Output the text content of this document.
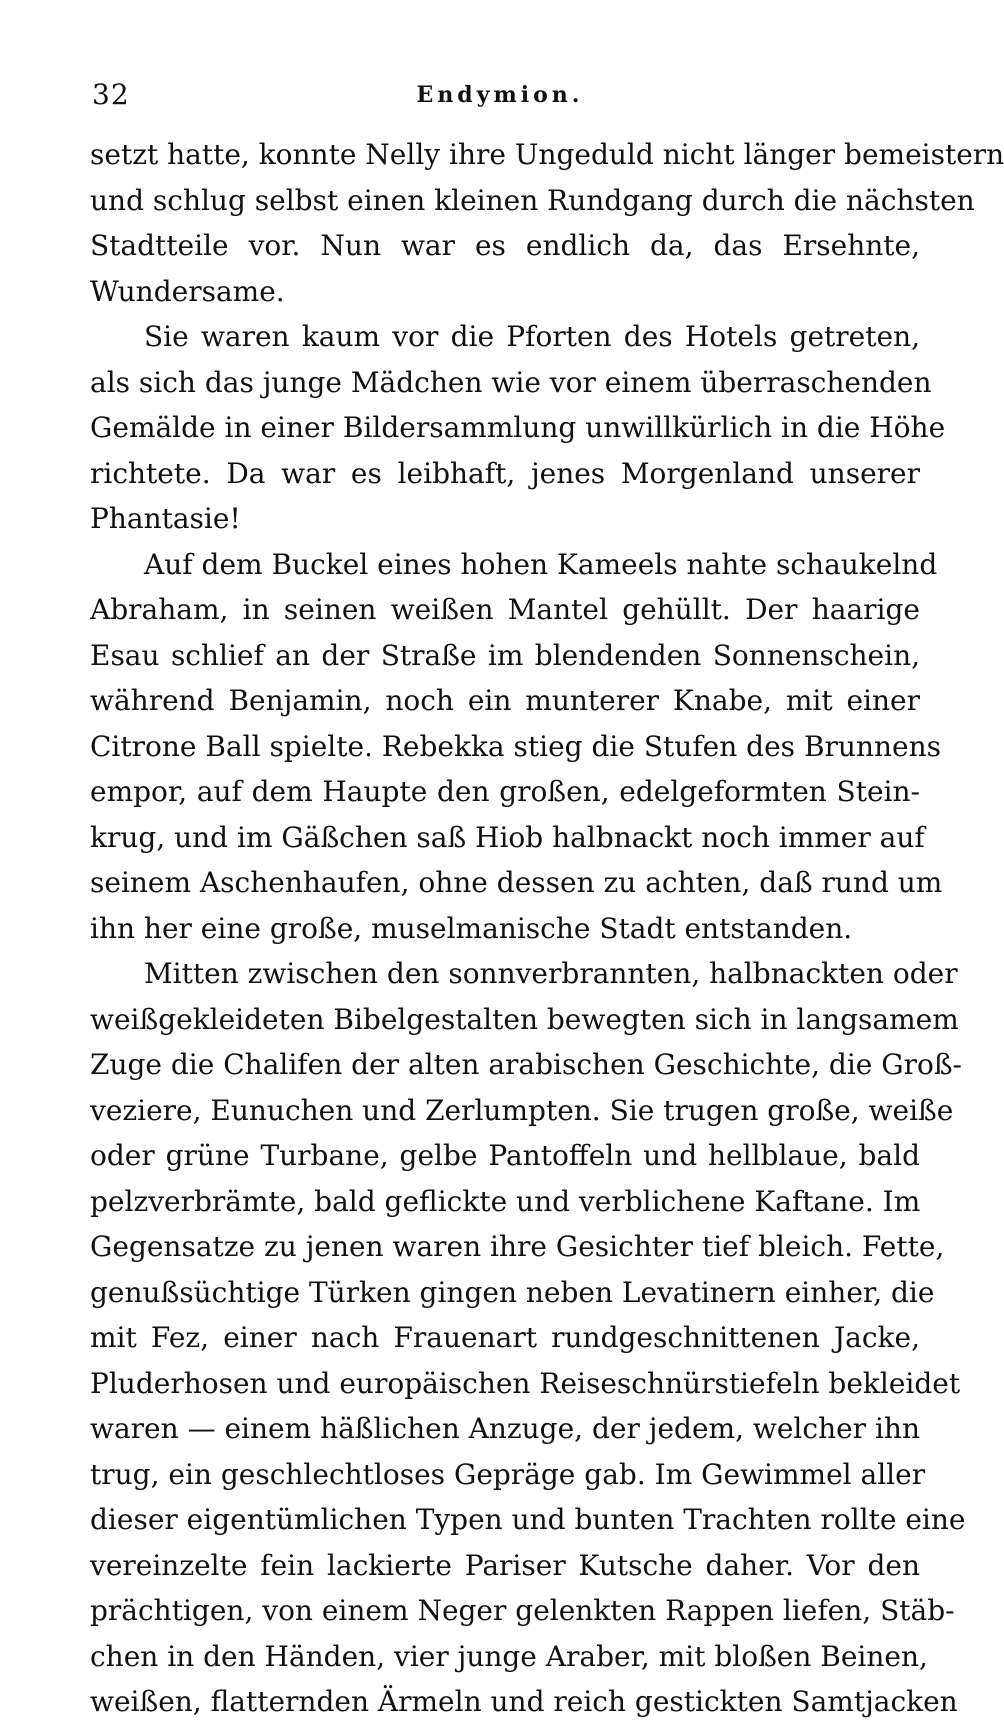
32	Endymion.
setzt hatte, konnte Nelly ihre Ungeduld nicht länger bemeistern
und schlug selbst einen kleinen Rundgang durch die nächsten
Stadtteile vor. Nun war es endlich da, das Ersehnte,
Wundersame.
Sie waren kaum vor die Pforten des Hotels getreten,
als sich das junge Mädchen wie vor einem überraschenden
Gemälde in einer Bildersammlung unwillkürlich in die Höhe
richtete. Da war es leibhaft, jenes Morgenland unserer
Phantasie!
Auf dem Buckel eines hohen Kameels nahte schaukelnd
Abraham, in seinen weißen Mantel gehüllt. Der haarige
Esau schlief an der Straße im blendenden Sonnenschein,
während Benjamin, noch ein munterer Knabe, mit einer
Citrone Ball spielte. Rebekka stieg die Stufen des Brunnens
empor, auf dem Haupte den großen, edelgeformten Stein-
krug, und im Gäßchen saß Hiob halbnackt noch immer auf
seinem Aschenhaufen, ohne dessen zu achten, daß rund um
ihn her eine große, muselmanische Stadt entstanden.
Mitten zwischen den sonnverbrannten, halbnackten oder
weißgekleideten Bibelgestalten bewegten sich in langsamem
Zuge die Chalifen der alten arabischen Geschichte, die Groß-
veziere, Eunuchen und Zerlumpten. Sie trugen große, weiße
oder grüne Turbane, gelbe Pantoffeln und hellblaue, bald
pelzverbrämte, bald geflickte und verblichene Kaftane. Im
Gegensatze zu jenen waren ihre Gesichter tief bleich. Fette,
genußsüchtige Türken gingen neben Levatinern einher, die
mit Fez, einer nach Frauenart rundgeschnittenen Jacke,
Pluderhosen und europäischen Reiseschnürstiefeln bekleidet
waren — einem häßlichen Anzuge, der jedem, welcher ihn
trug, ein geschlechtloses Gepräge gab. Im Gewimmel aller
dieser eigentümlichen Typen und bunten Trachten rollte eine
vereinzelte fein lackierte Pariser Kutsche daher. Vor den
prächtigen, von einem Neger gelenkten Rappen liefen, Stäb-
chen in den Händen, vier junge Araber, mit bloßen Beinen,
weißen, flatternden Ärmeln und reich gestickten Samtjacken
